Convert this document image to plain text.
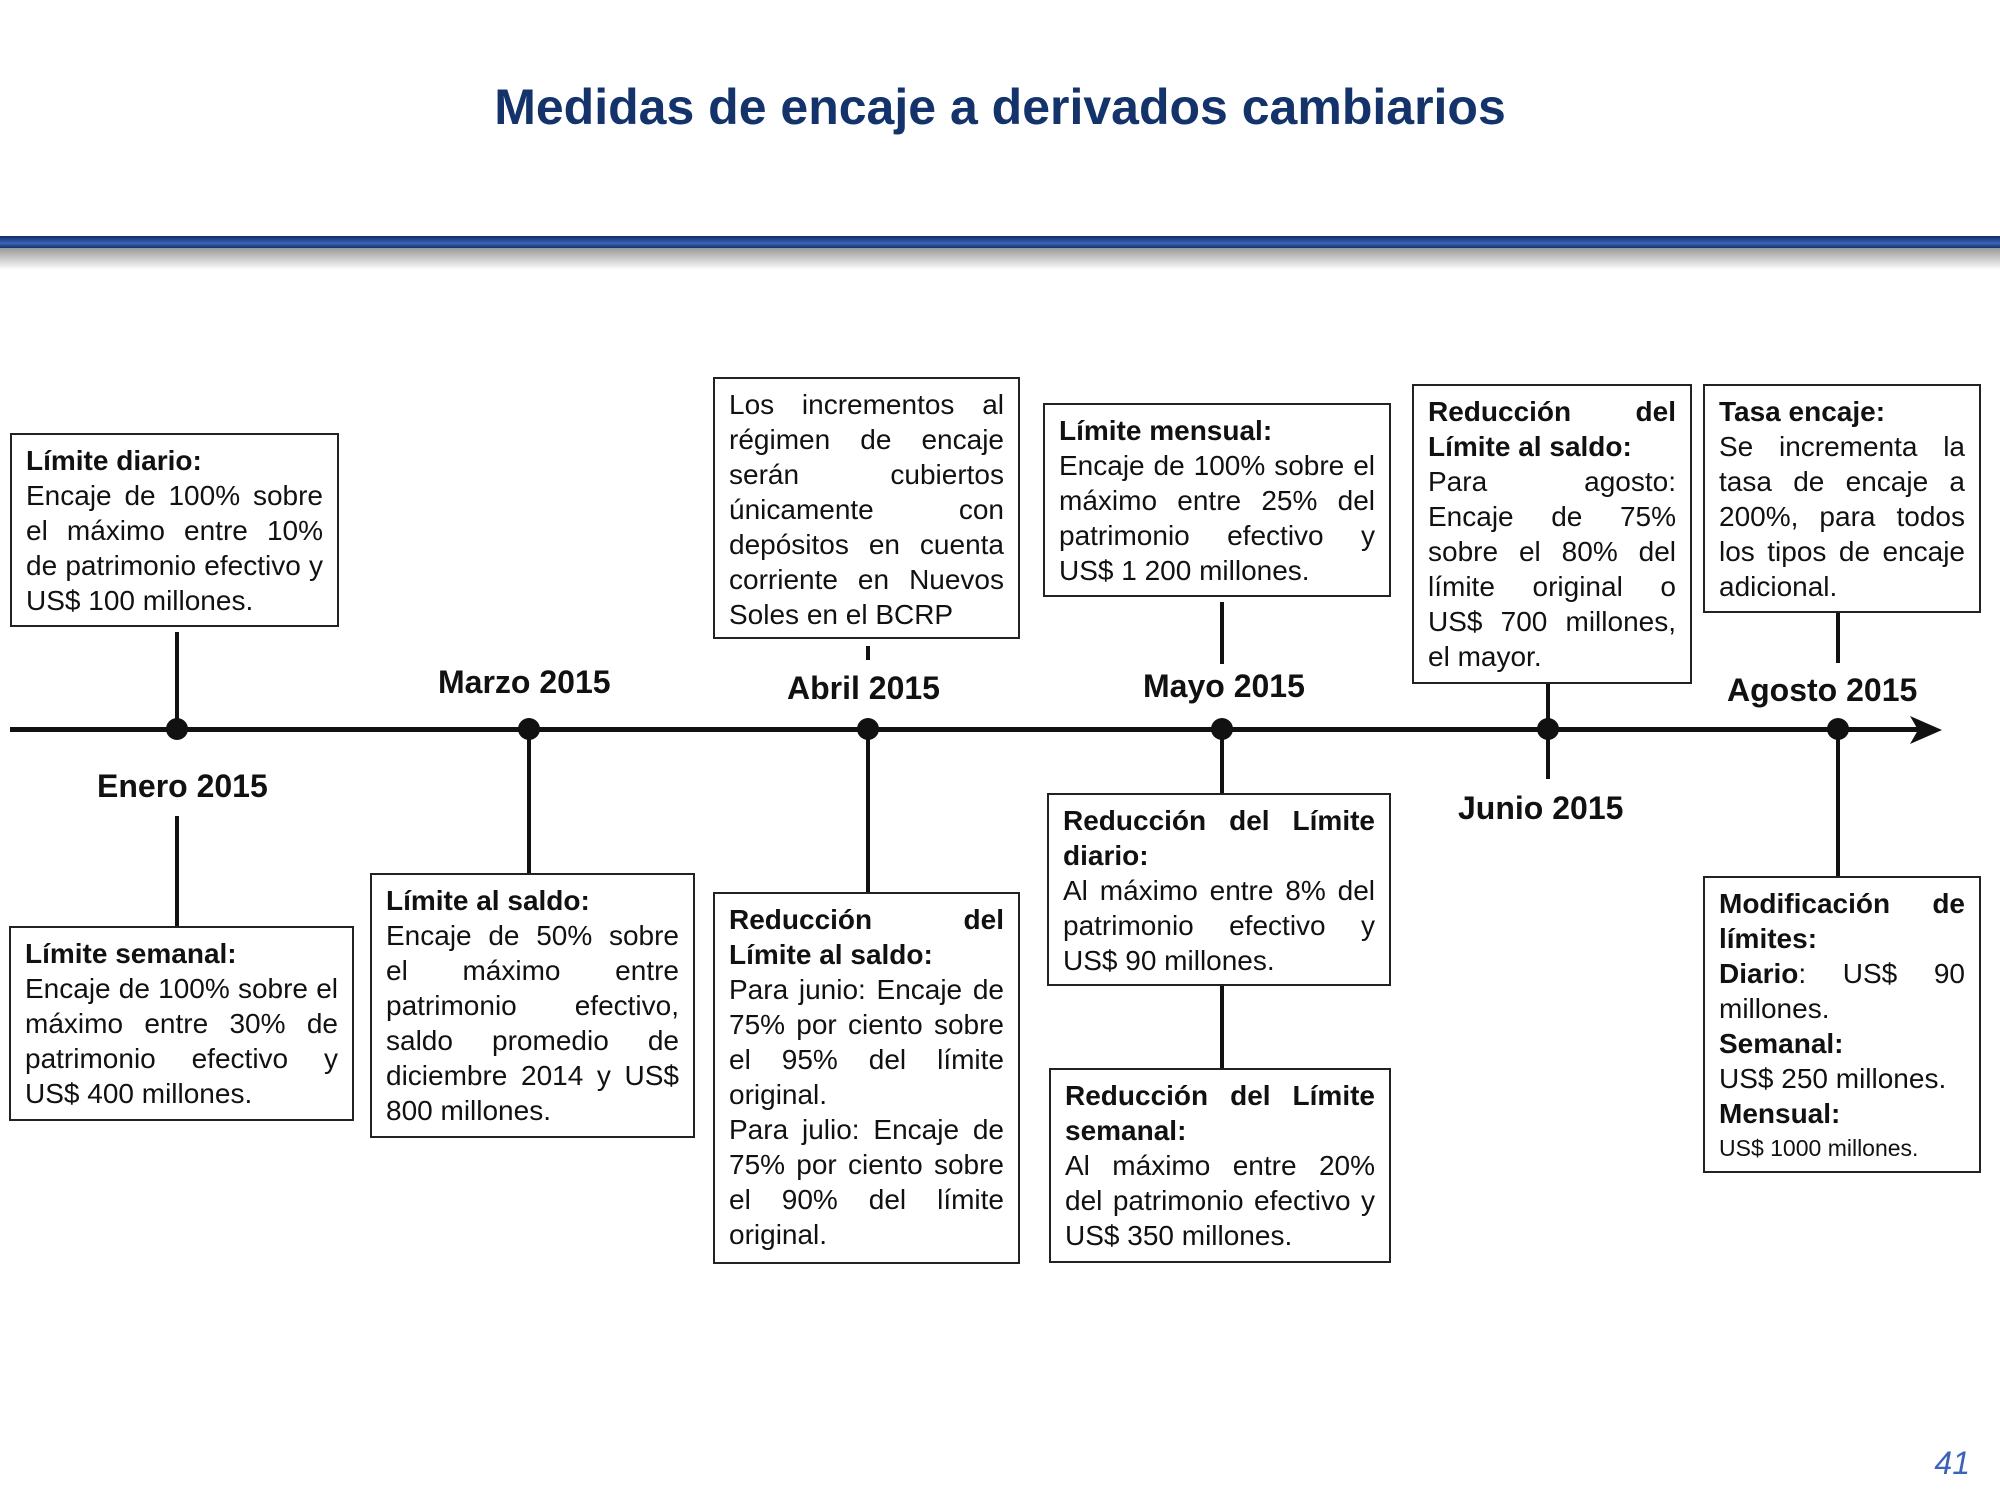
Medidas de encaje a derivados cambiarios
Enero 2015
Marzo 2015	Abril 2015	Mayo 2015
Junio 2015
Agosto 2015
Límite diario:
Encaje de 100% sobre el máximo entre 10% de patrimonio efectivo y US$ 100 millones.
Límite semanal:
Encaje de 100% sobre el máximo entre 30% de patrimonio efectivo y US$ 400 millones.
Límite al saldo:
Encaje de 50% sobre el máximo entre patrimonio efectivo, saldo promedio de diciembre 2014 y US$ 800 millones.
Los incrementos al régimen de encaje serán cubiertos únicamente con depósitos en cuenta corriente en Nuevos Soles en el BCRP
Reducción del Límite al saldo:
Para junio: Encaje de 75% por ciento sobre el 95% del límite original.
Para julio: Encaje de 75% por ciento sobre el 90% del límite original.
Límite mensual:
Encaje de 100% sobre el máximo entre 25% del patrimonio efectivo y US$ 1 200 millones.
Reducción del Límite diario:
Al máximo entre 8% del patrimonio efectivo y US$ 90 millones.
Reducción del Límite semanal:
Al máximo entre 20% del patrimonio efectivo y US$ 350 millones.
Reducción del Límite al saldo:
Para agosto: Encaje de 75% sobre el 80% del límite original o US$ 700 millones, el mayor.
Tasa encaje:
Se incrementa la tasa de encaje a 200%, para todos los tipos de encaje adicional.
Modificación de límites:
Diario: US$ 90 millones.
Semanal:
US$ 250 millones.
Mensual:
US$ 1000 millones.
41
